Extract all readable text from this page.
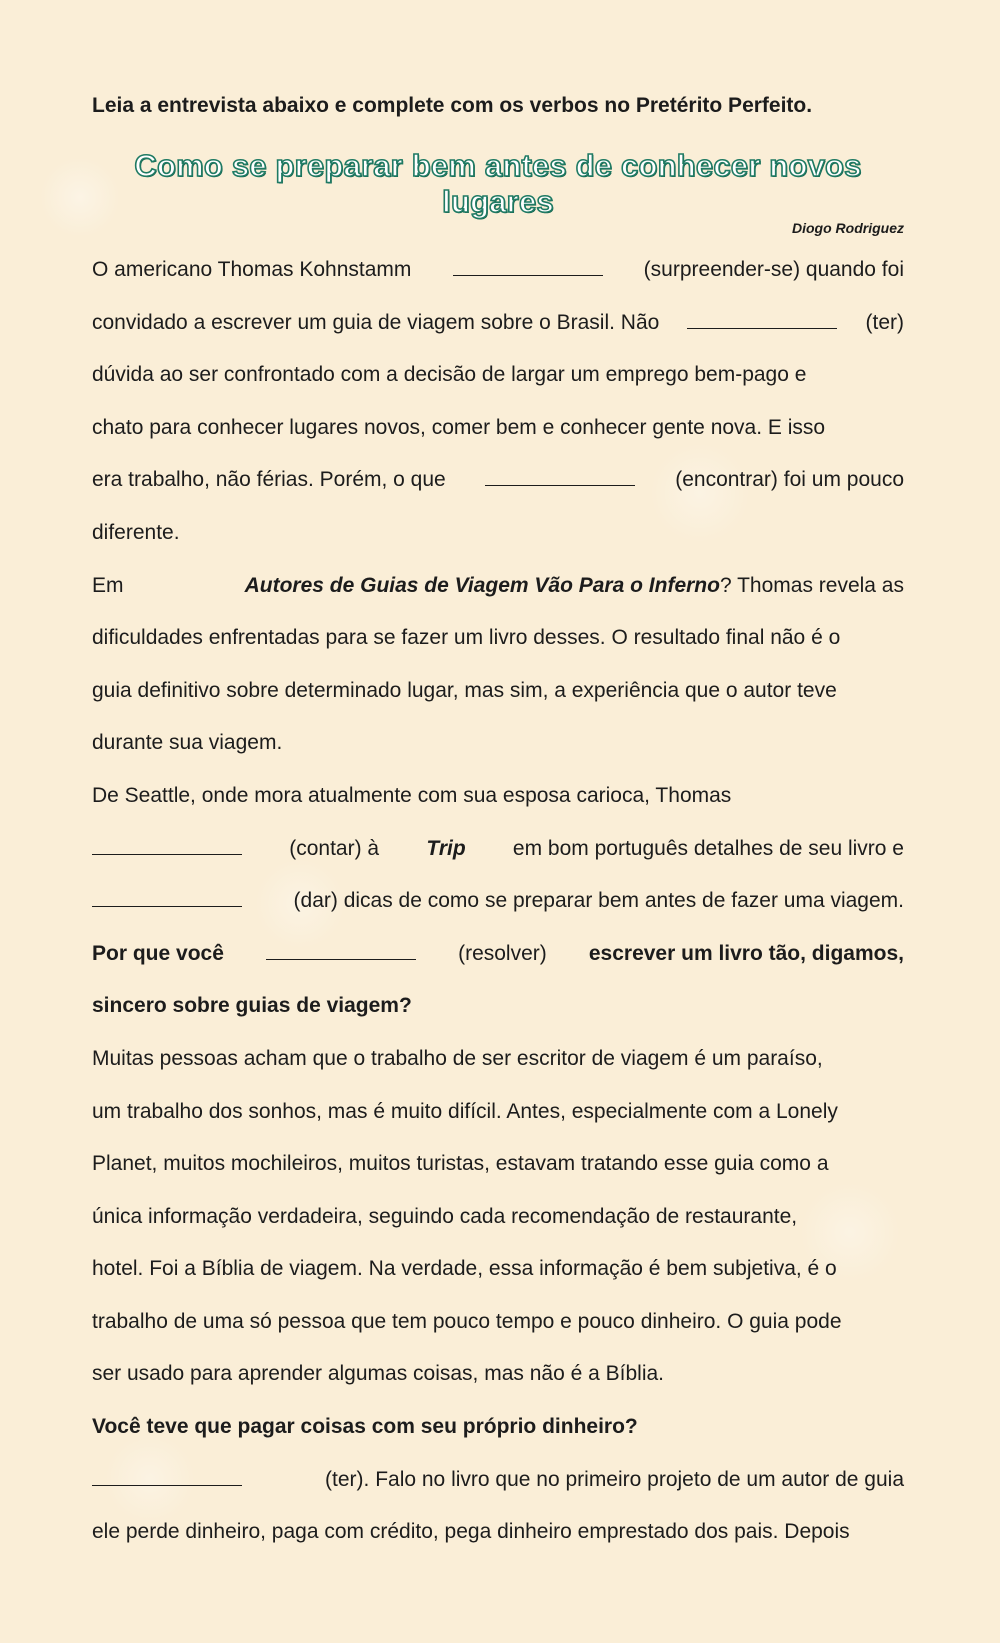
Leia a entrevista abaixo e complete com os verbos no Pretérito Perfeito.
Como se preparar bem antes de conhecer novos lugares
Diogo Rodriguez
O americano Thomas Kohnstamm	(surpreender-se) quando foi
convidado a escrever um guia de viagem sobre o Brasil. Não	(ter)
dúvida ao ser confrontado com a decisão de largar um emprego bem-pago e
chato para conhecer lugares novos, comer bem e conhecer gente nova. E isso
era trabalho, não férias. Porém, o que	(encontrar) foi um pouco
diferente.
Em	Autores de Guias de Viagem Vão Para o Inferno? Thomas revela as
dificuldades enfrentadas para se fazer um livro desses. O resultado final não é o
guia definitivo sobre determinado lugar, mas sim, a experiência que o autor teve
durante sua viagem.
De Seattle, onde mora atualmente com sua esposa carioca, Thomas
(contar) à Trip em bom português detalhes de seu livro e
(dar) dicas de como se preparar bem antes de fazer uma viagem.
Por que você	(resolver) escrever um livro tão, digamos,
sincero sobre guias de viagem?
Muitas pessoas acham que o trabalho de ser escritor de viagem é um paraíso,
um trabalho dos sonhos, mas é muito difícil. Antes, especialmente com a Lonely
Planet, muitos mochileiros, muitos turistas, estavam tratando esse guia como a
única informação verdadeira, seguindo cada recomendação de restaurante,
hotel. Foi a Bíblia de viagem. Na verdade, essa informação é bem subjetiva, é o
trabalho de uma só pessoa que tem pouco tempo e pouco dinheiro. O guia pode
ser usado para aprender algumas coisas, mas não é a Bíblia.
Você teve que pagar coisas com seu próprio dinheiro?
(ter). Falo no livro que no primeiro projeto de um autor de guia
ele perde dinheiro, paga com crédito, pega dinheiro emprestado dos pais. Depois
